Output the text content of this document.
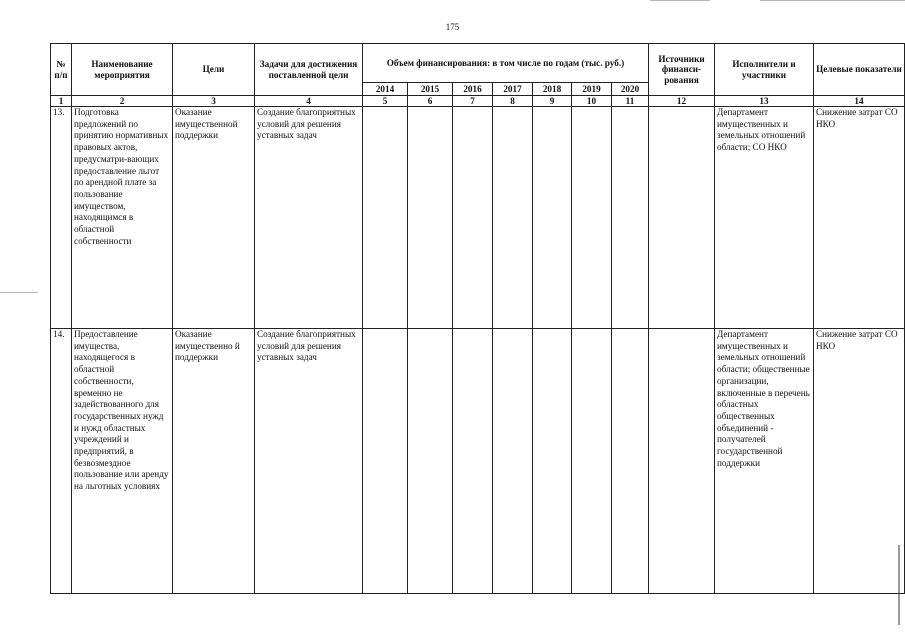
175
№ п/п	Наименование мероприятия	Цели	Задачи для достижения поставленной цели	Объем финансирования: в том числе по годам (тыс. руб.)							Источники финанси-рования	Исполнители и участники	Целевые показатели
				2014	2015	2016	2017	2018	2019	2020			
1	2	3	4	5	6	7	8	9	10	11	12	13	14
13.	Подготовка предложений по принятию нормативных правовых актов, предусматри-вающих предоставление льгот по арендной плате за пользование имуществом, находящимся в областной собственности	Оказание имущественной поддержки	Создание благоприятных условий для решения уставных задач									Департамент имущественных и земельных отношений области; СО НКО	Снижение затрат СО НКО
14.	Предоставление имущества, находящегося в областной собственности, временно не задействованного для государственных нужд и нужд областных учреждений и предприятий, в безвозмездное пользование или аренду на льготных условиях	Оказание имущественно й поддержки	Создание благоприятных условий для решения уставных задач									Департамент имущественных и земельных отношений области; общественные организации, включенные в перечень областных общественных объединений - получателей государственной поддержки	Снижение затрат СО НКО
